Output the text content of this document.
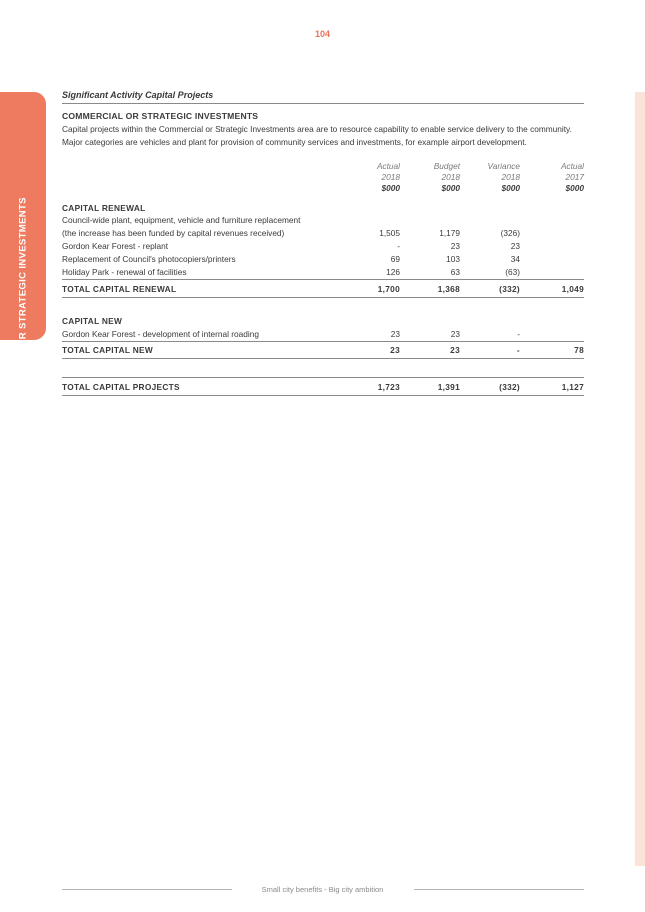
104
COMMERCIAL OR STRATEGIC INVESTMENTS
Significant Activity Capital Projects
COMMERCIAL OR STRATEGIC INVESTMENTS
Capital projects within the Commercial or Strategic Investments area are to resource capability to enable service delivery to the community. Major categories are vehicles and plant for provision of community services and investments, for example airport development.
Actual	Budget	Variance	Actual
2018	2018	2018	2017
$000	$000	$000	$000
CAPITAL RENEWAL
Council-wide plant, equipment, vehicle and furniture replacement
(the increase has been funded by capital revenues received)	1,505	1,179	(326)
Gordon Kear Forest - replant	-	23	23
Replacement of Council's photocopiers/printers	69	103	34
Holiday Park - renewal of facilities	126	63	(63)
TOTAL CAPITAL RENEWAL	1,700	1,368	(332)	1,049
CAPITAL NEW
Gordon Kear Forest - development of internal roading	23	23	-
TOTAL CAPITAL NEW	23	23	-	78
TOTAL CAPITAL PROJECTS	1,723	1,391	(332)	1,127
Small city benefits - Big city ambition
